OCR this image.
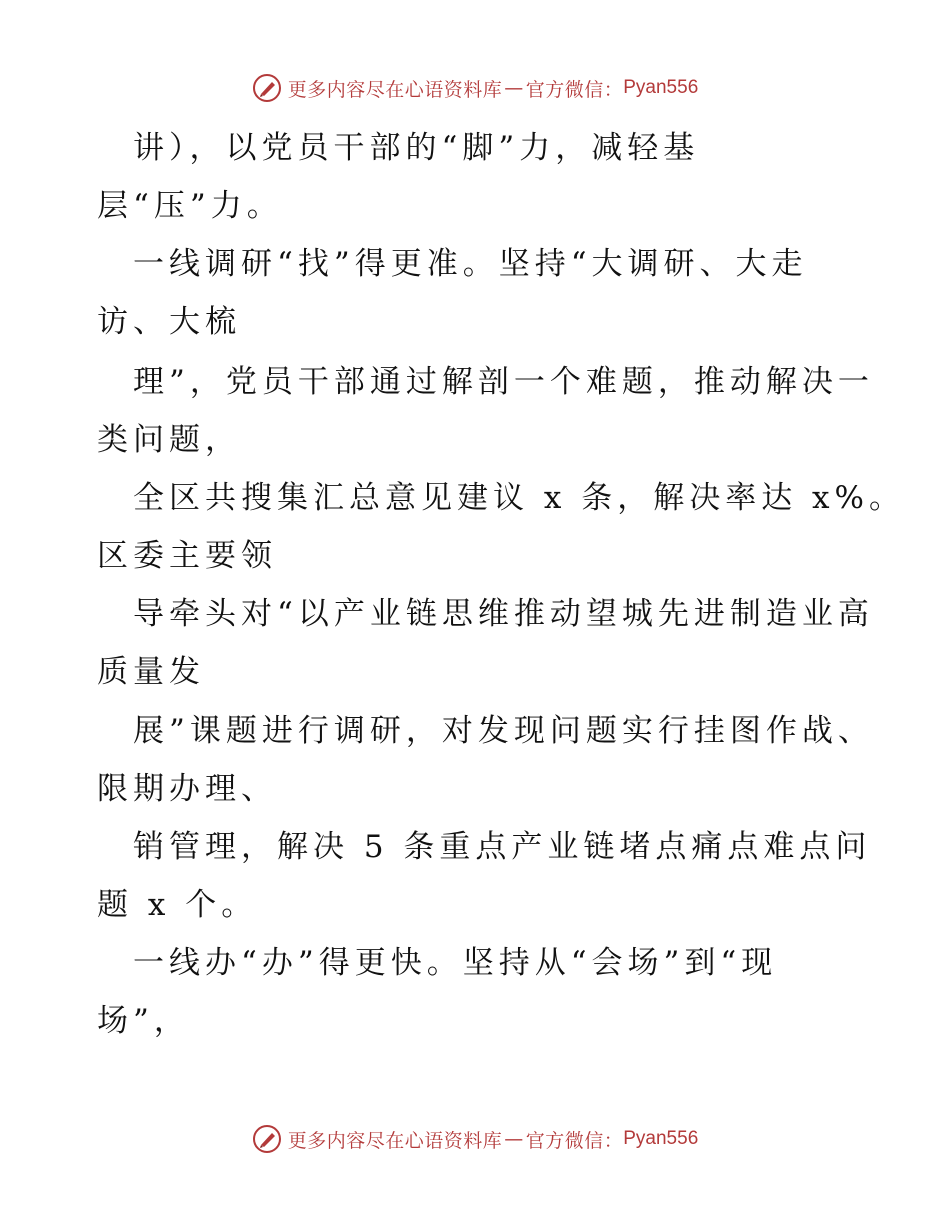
更多内容尽在心语资料库 — 官方微信： Pyan556
讲），以党员干部的“脚”力，减轻基
层“压”力。
一线调研“找”得更准。坚持“大调研、大走
访、大梳
理”，党员干部通过解剖一个难题，推动解决一
类问题，
全区共搜集汇总意见建议 x 条，解决率达 x%。
区委主要领
导牵头对“以产业链思维推动望城先进制造业高
质量发
展”课题进行调研，对发现问题实行挂图作战、
限期办理、
销管理，解决 5 条重点产业链堵点痛点难点问
题 x 个。
一线办“办”得更快。坚持从“会场”到“现
场”，
更多内容尽在心语资料库 — 官方微信： Pyan556
